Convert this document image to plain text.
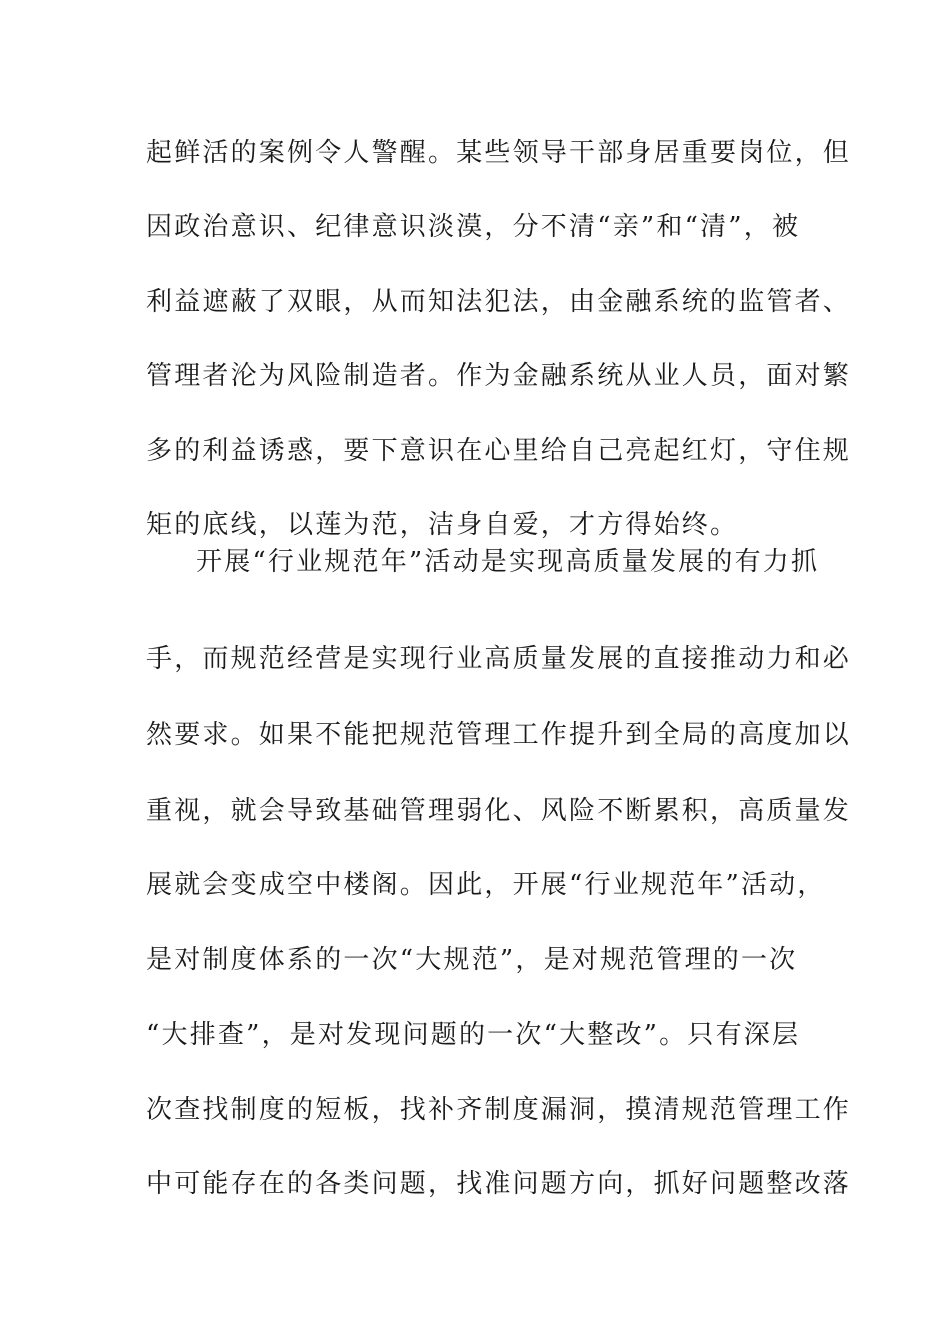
起鲜活的案例令人警醒。某些领导干部身居重要岗位，但
因政治意识、纪律意识淡漠，分不清“亲”和“清”，被
利益遮蔽了双眼，从而知法犯法，由金融系统的监管者、
管理者沦为风险制造者。作为金融系统从业人员，面对繁
多的利益诱惑，要下意识在心里给自己亮起红灯，守住规
矩的底线，以莲为范，洁身自爱，才方得始终。
开展“行业规范年”活动是实现高质量发展的有力抓
手，而规范经营是实现行业高质量发展的直接推动力和必
然要求。如果不能把规范管理工作提升到全局的高度加以
重视，就会导致基础管理弱化、风险不断累积，高质量发
展就会变成空中楼阁。因此，开展“行业规范年”活动，
是对制度体系的一次“大规范”，是对规范管理的一次
“大排查”，是对发现问题的一次“大整改”。只有深层
次查找制度的短板，找补齐制度漏洞，摸清规范管理工作
中可能存在的各类问题，找准问题方向，抓好问题整改落
